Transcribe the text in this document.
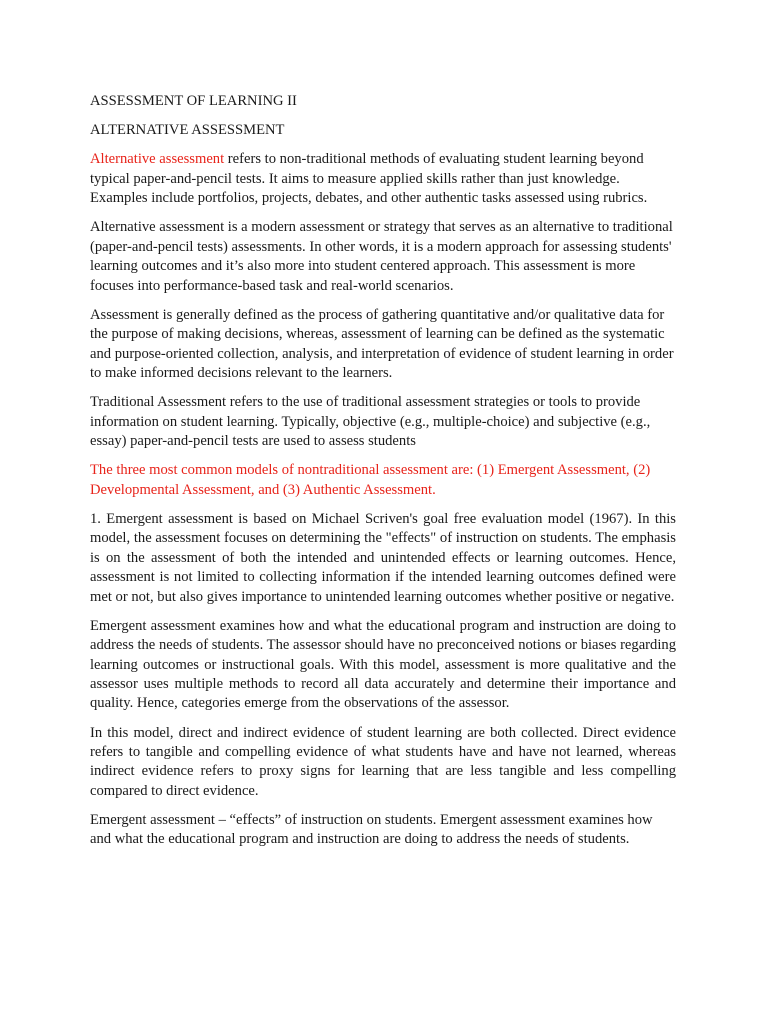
ASSESSMENT OF LEARNING II

ALTERNATIVE ASSESSMENT

Alternative assessment refers to non-traditional methods of evaluating student learning beyond typical paper-and-pencil tests. It aims to measure applied skills rather than just knowledge. Examples include portfolios, projects, debates, and other authentic tasks assessed using rubrics.

Alternative assessment is a modern assessment or strategy that serves as an alternative to traditional (paper-and-pencil tests) assessments. In other words, it is a modern approach for assessing students' learning outcomes and it’s also more into student centered approach. This assessment is more focuses into performance-based task and real-world scenarios.

Assessment is generally defined as the process of gathering quantitative and/or qualitative data for the purpose of making decisions, whereas, assessment of learning can be defined as the systematic and purpose-oriented collection, analysis, and interpretation of evidence of student learning in order to make informed decisions relevant to the learners.

Traditional Assessment refers to the use of traditional assessment strategies or tools to provide information on student learning. Typically, objective (e.g., multiple-choice) and subjective (e.g., essay) paper-and-pencil tests are used to assess students

The three most common models of nontraditional assessment are: (1) Emergent Assessment, (2) Developmental Assessment, and (3) Authentic Assessment.

1. Emergent assessment is based on Michael Scriven's goal free evaluation model (1967). In this model, the assessment focuses on determining the "effects" of instruction on students. The emphasis is on the assessment of both the intended and unintended effects or learning outcomes. Hence, assessment is not limited to collecting information if the intended learning outcomes defined were met or not, but also gives importance to unintended learning outcomes whether positive or negative.

Emergent assessment examines how and what the educational program and instruction are doing to address the needs of students. The assessor should have no preconceived notions or biases regarding learning outcomes or instructional goals. With this model, assessment is more qualitative and the assessor uses multiple methods to record all data accurately and determine their importance and quality. Hence, categories emerge from the observations of the assessor.

In this model, direct and indirect evidence of student learning are both collected. Direct evidence refers to tangible and compelling evidence of what students have and have not learned, whereas indirect evidence refers to proxy signs for learning that are less tangible and less compelling compared to direct evidence.

Emergent assessment – “effects” of instruction on students. Emergent assessment examines how and what the educational program and instruction are doing to address the needs of students.
